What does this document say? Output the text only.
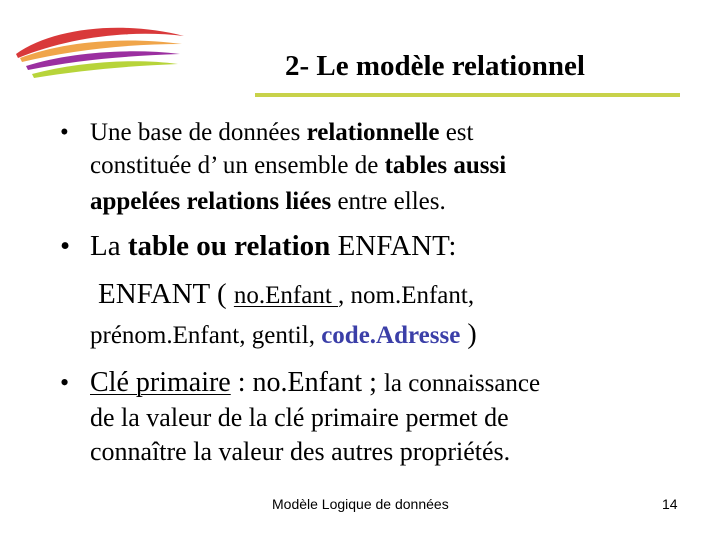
2- Le modèle relationnel
• Une base de données relationnelle est
constituée d’ un ensemble de tables aussi
appelées relations liées entre elles.
• La table ou relation ENFANT:
ENFANT ( no.Enfant , nom.Enfant,
prénom.Enfant, gentil, code.Adresse )
• Clé primaire : no.Enfant ; la connaissance
de la valeur de la clé primaire permet de
connaître la valeur des autres propriétés.
Modèle Logique de données	14
